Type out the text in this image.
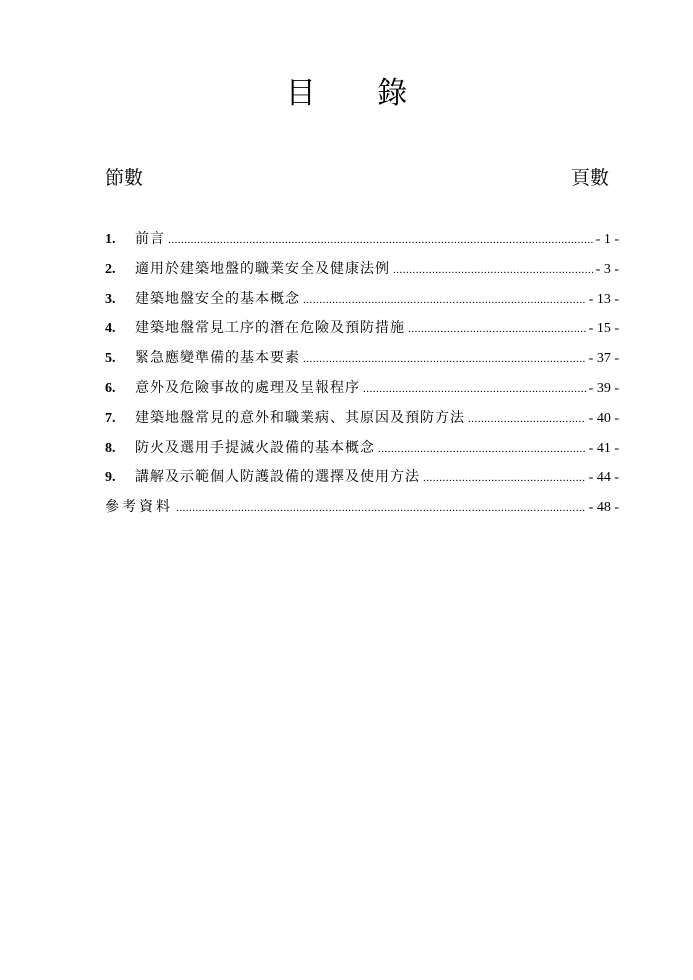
目 錄
節數	頁數
1.	前言 .....	- 1 -
2.	適用於建築地盤的職業安全及健康法例 .....	- 3 -
3.	建築地盤安全的基本概念 .....	- 13 -
4.	建築地盤常見工序的潛在危險及預防措施 .....	- 15 -
5.	緊急應變準備的基本要素 .....	- 37 -
6.	意外及危險事故的處理及呈報程序 .....	- 39 -
7.	建築地盤常見的意外和職業病、其原因及預防方法 .....	- 40 -
8.	防火及選用手提滅火設備的基本概念 .....	- 41 -
9.	講解及示範個人防護設備的選擇及使用方法 .....	- 44 -
參考資料 .....	- 48 -
